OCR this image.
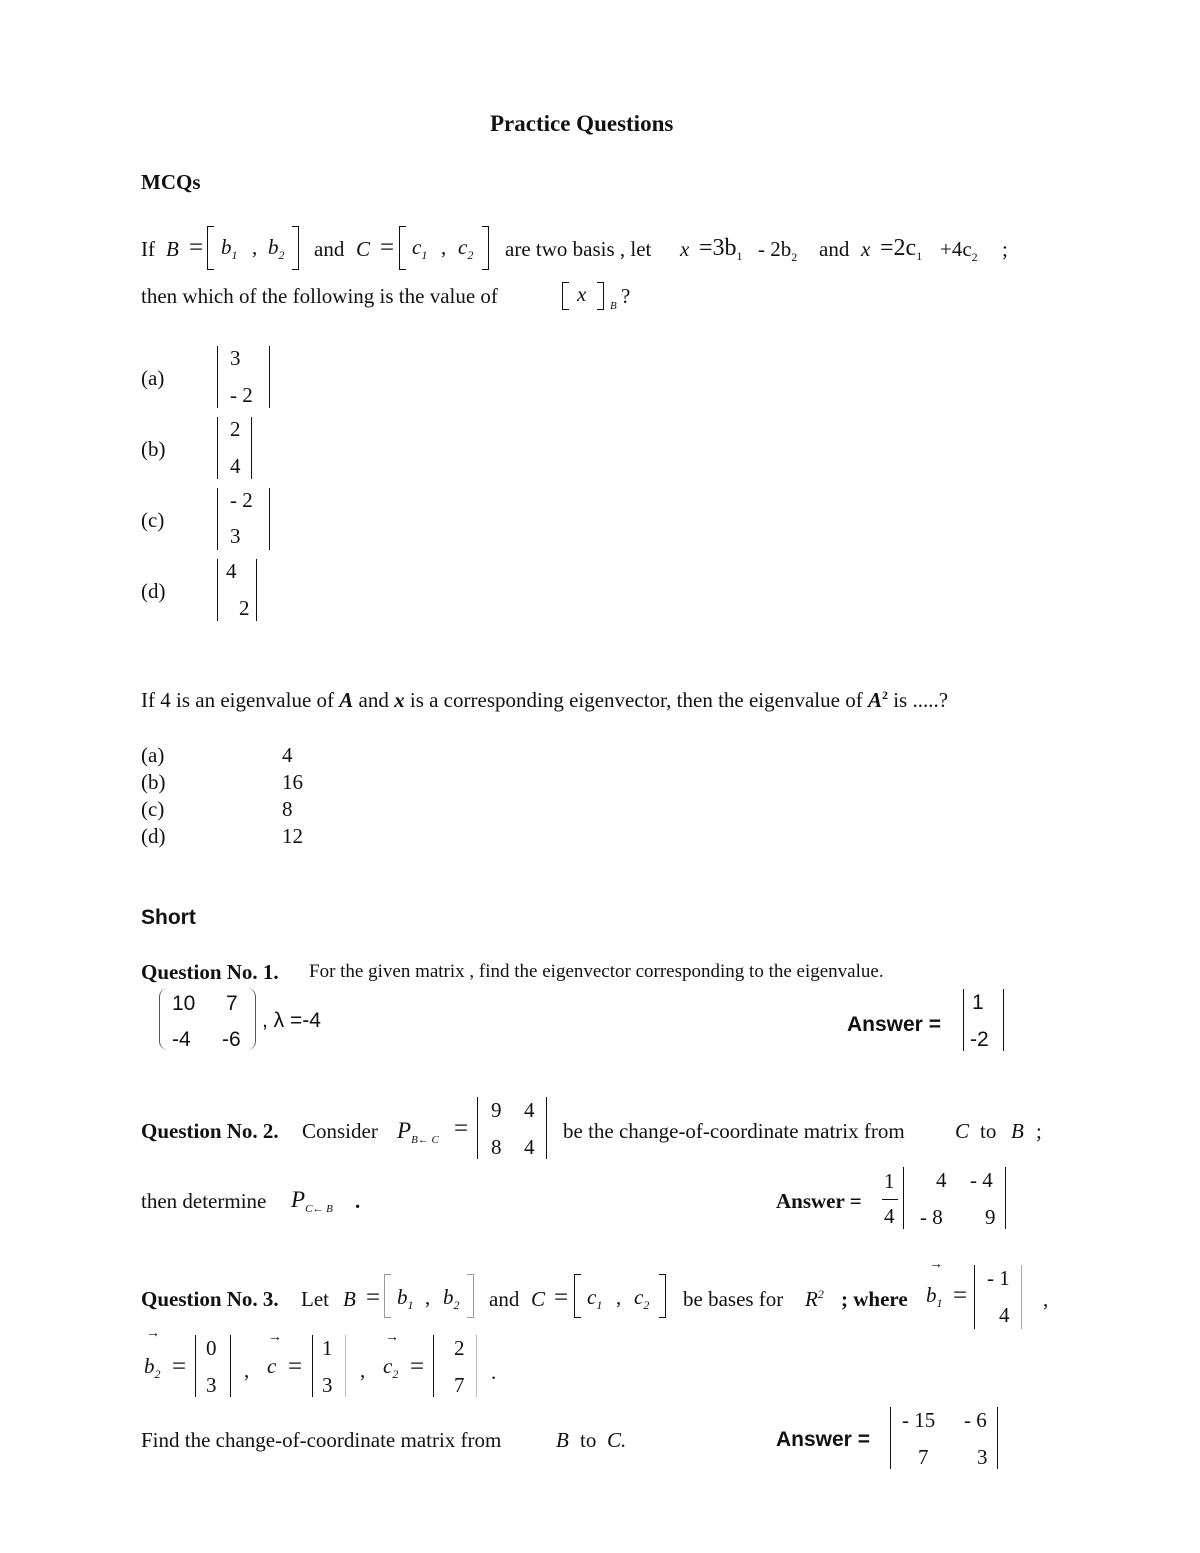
Practice Questions
MCQs
If $B = b_1$ , $b_2$ and $C = c_1$ , $c_2$ are two basis , let $x =3b_1 - 2b_2$ and $x =2c_1 +4c_2$ ;
then which of the following is the value of	x B ?
(a)
3
- 2
(b)
2
4
(c)
- 2
3
(d)
4
2
If 4 is an eigenvalue of A and x is a corresponding eigenvector, then the eigenvalue of $A^2$ is .....?
(a)	4
(b)	16
(c)	8
(d)	12
Short
Question No. 1. For the given matrix , find the eigenvector corresponding to the eigenvalue.
10 7
-4 -6
, λ =-4	Answer =
1
-2
Question No. 2. Consider $P_{B\leftarrow C}$ =
9 4
8 4
be the change-of-coordinate matrix from C to B ;
then determine $P_{C\leftarrow B}$ .	Answer =
1
4
4 - 4
- 8 9
Question No. 3. Let $B = b_1$ , $b_2$ and $C = c_1$ , $c_2$ be bases for $R^2$ ; where
→
$b_1$ =
- 1
4
,
→
$b_2$ =
0
3
,
→
c =
1
3
,
→
$c_2$ =
2
7
.
Find the change-of-coordinate matrix from	B to C.	Answer =
- 15 - 6
7 3
